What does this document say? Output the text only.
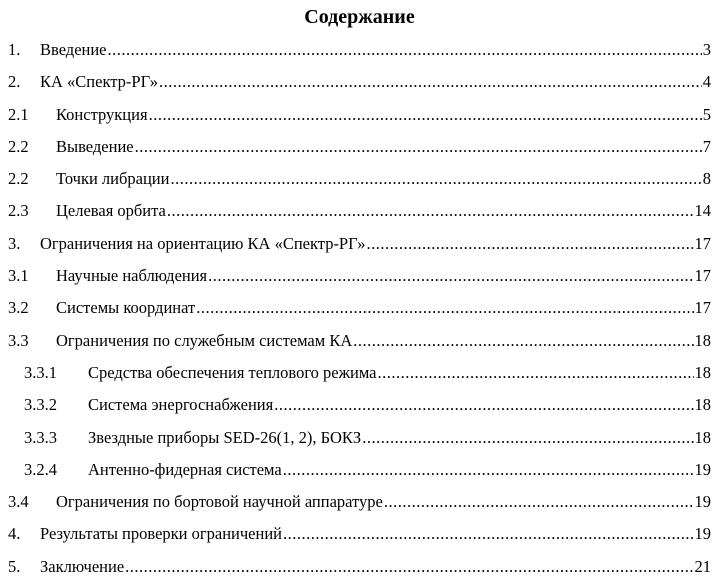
Содержание
1. Введение .....	3
2. КА «Спектр-РГ» .....	4
2.1 Конструкция .....	5
2.2 Выведение .....	7
2.2 Точки либрации .....	8
2.3 Целевая орбита .....	14
3. Ограничения на ориентацию КА «Спектр-РГ» .....	17
3.1 Научные наблюдения .....	17
3.2 Системы координат .....	17
3.3 Ограничения по служебным системам КА .....	18
3.3.1 Средства обеспечения теплового режима .....	18
3.3.2 Система энергоснабжения .....	18
3.3.3 Звездные приборы SED-26(1, 2), БОКЗ .....	18
3.2.4 Антенно-фидерная система .....	19
3.4 Ограничения по бортовой научной аппаратуре .....	19
4. Результаты проверки ограничений .....	19
5. Заключение .....	21
